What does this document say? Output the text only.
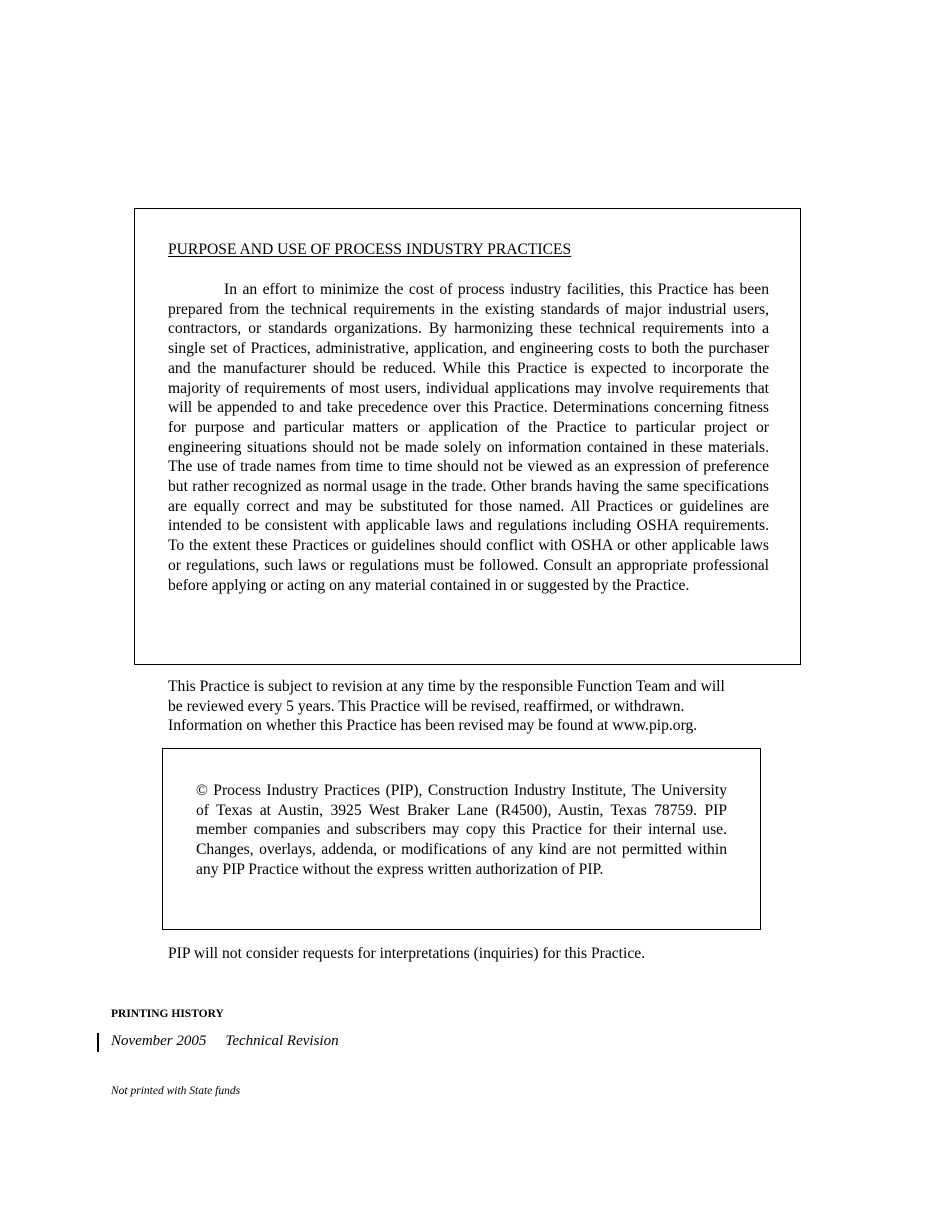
PURPOSE AND USE OF PROCESS INDUSTRY PRACTICES

In an effort to minimize the cost of process industry facilities, this Practice has been prepared from the technical requirements in the existing standards of major industrial users, contractors, or standards organizations. By harmonizing these technical requirements into a single set of Practices, administrative, application, and engineering costs to both the purchaser and the manufacturer should be reduced. While this Practice is expected to incorporate the majority of requirements of most users, individual applications may involve requirements that will be appended to and take precedence over this Practice. Determinations concerning fitness for purpose and particular matters or application of the Practice to particular project or engineering situations should not be made solely on information contained in these materials. The use of trade names from time to time should not be viewed as an expression of preference but rather recognized as normal usage in the trade. Other brands having the same specifications are equally correct and may be substituted for those named. All Practices or guidelines are intended to be consistent with applicable laws and regulations including OSHA requirements. To the extent these Practices or guidelines should conflict with OSHA or other applicable laws or regulations, such laws or regulations must be followed. Consult an appropriate professional before applying or acting on any material contained in or suggested by the Practice.

This Practice is subject to revision at any time by the responsible Function Team and will
be reviewed every 5 years. This Practice will be revised, reaffirmed, or withdrawn.
Information on whether this Practice has been revised may be found at www.pip.org.

© Process Industry Practices (PIP), Construction Industry Institute, The University of Texas at Austin, 3925 West Braker Lane (R4500), Austin, Texas 78759. PIP member companies and subscribers may copy this Practice for their internal use. Changes, overlays, addenda, or modifications of any kind are not permitted within any PIP Practice without the express written authorization of PIP.

PIP will not consider requests for interpretations (inquiries) for this Practice.

PRINTING HISTORY
November 2005 Technical Revision
Not printed with State funds
